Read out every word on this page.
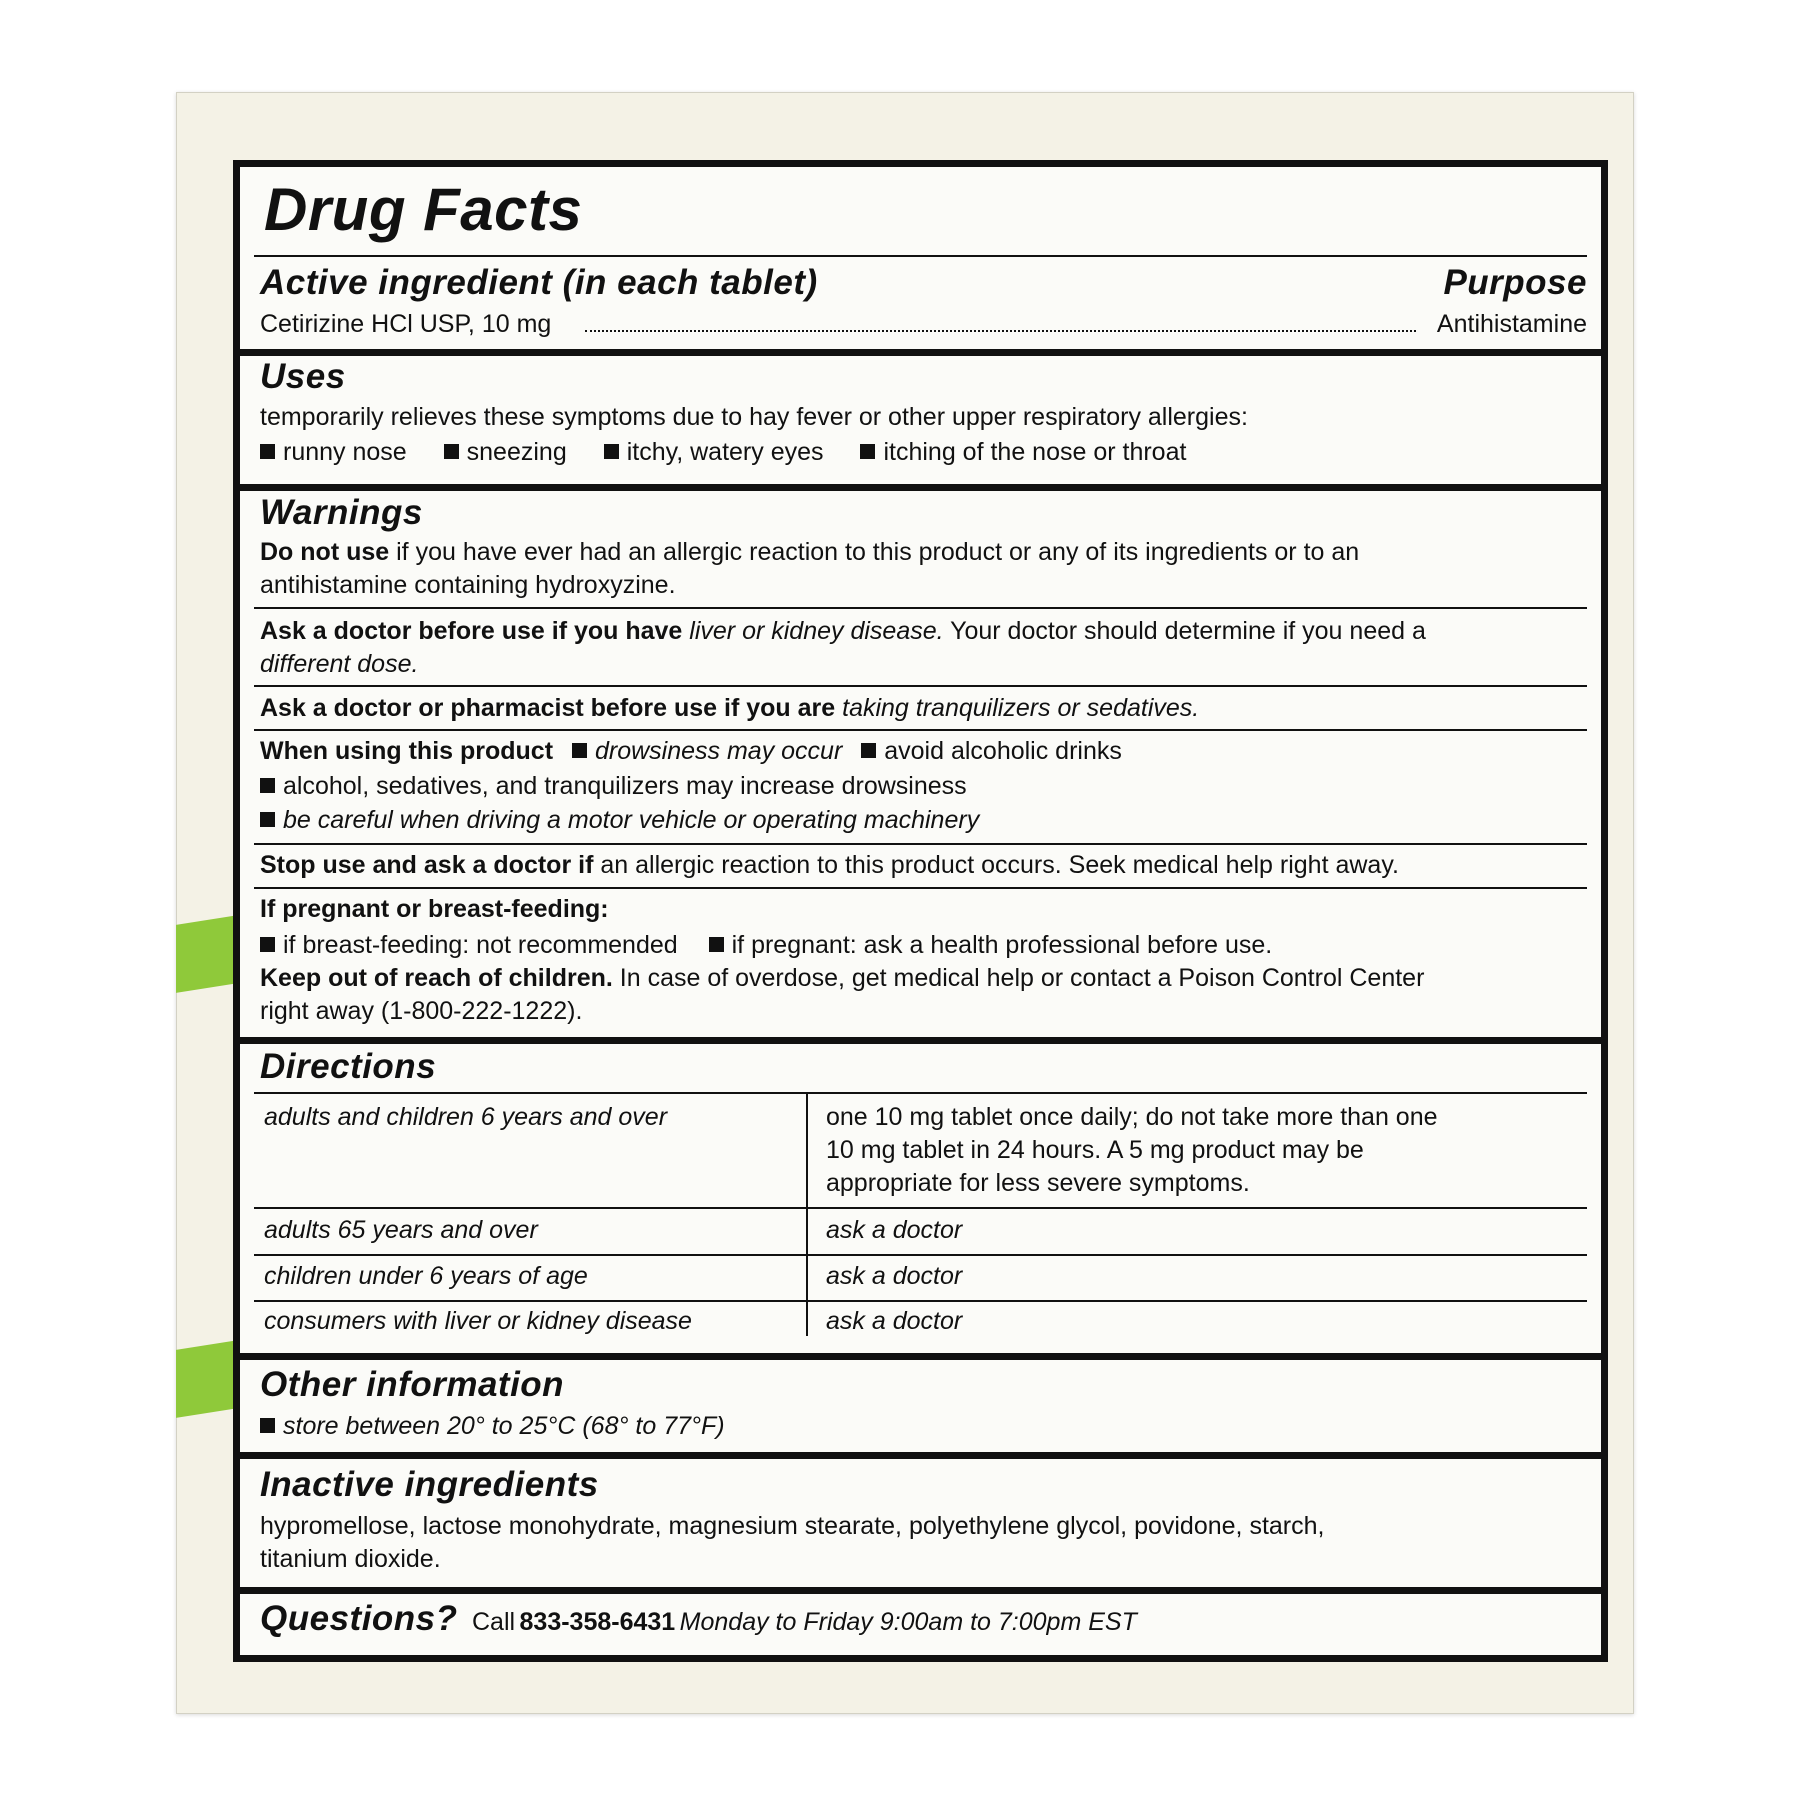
Drug Facts
Active ingredient (in each tablet)	Purpose
Cetirizine HCl USP, 10 mg	Antihistamine
Uses
temporarily relieves these symptoms due to hay fever or other upper respiratory allergies:
runny nose sneezing itchy, watery eyes itching of the nose or throat
Warnings
Do not use if you have ever had an allergic reaction to this product or any of its ingredients or to an
antihistamine containing hydroxyzine.
Ask a doctor before use if you have liver or kidney disease. Your doctor should determine if you need a
different dose.
Ask a doctor or pharmacist before use if you are taking tranquilizers or sedatives.
When using this product drowsiness may occur avoid alcoholic drinks
alcohol, sedatives, and tranquilizers may increase drowsiness
be careful when driving a motor vehicle or operating machinery
Stop use and ask a doctor if an allergic reaction to this product occurs. Seek medical help right away.
If pregnant or breast-feeding:
if breast-feeding: not recommended if pregnant: ask a health professional before use.
Keep out of reach of children. In case of overdose, get medical help or contact a Poison Control Center
right away (1-800-222-1222).
Directions
adults and children 6 years and over	one 10 mg tablet once daily; do not take more than one
10 mg tablet in 24 hours. A 5 mg product may be
appropriate for less severe symptoms.
adults 65 years and over	ask a doctor
children under 6 years of age	ask a doctor
consumers with liver or kidney disease	ask a doctor
Other information
store between 20° to 25°C (68° to 77°F)
Inactive ingredients
hypromellose, lactose monohydrate, magnesium stearate, polyethylene glycol, povidone, starch,
titanium dioxide.
Questions? Call 833-358-6431 Monday to Friday 9:00am to 7:00pm EST
